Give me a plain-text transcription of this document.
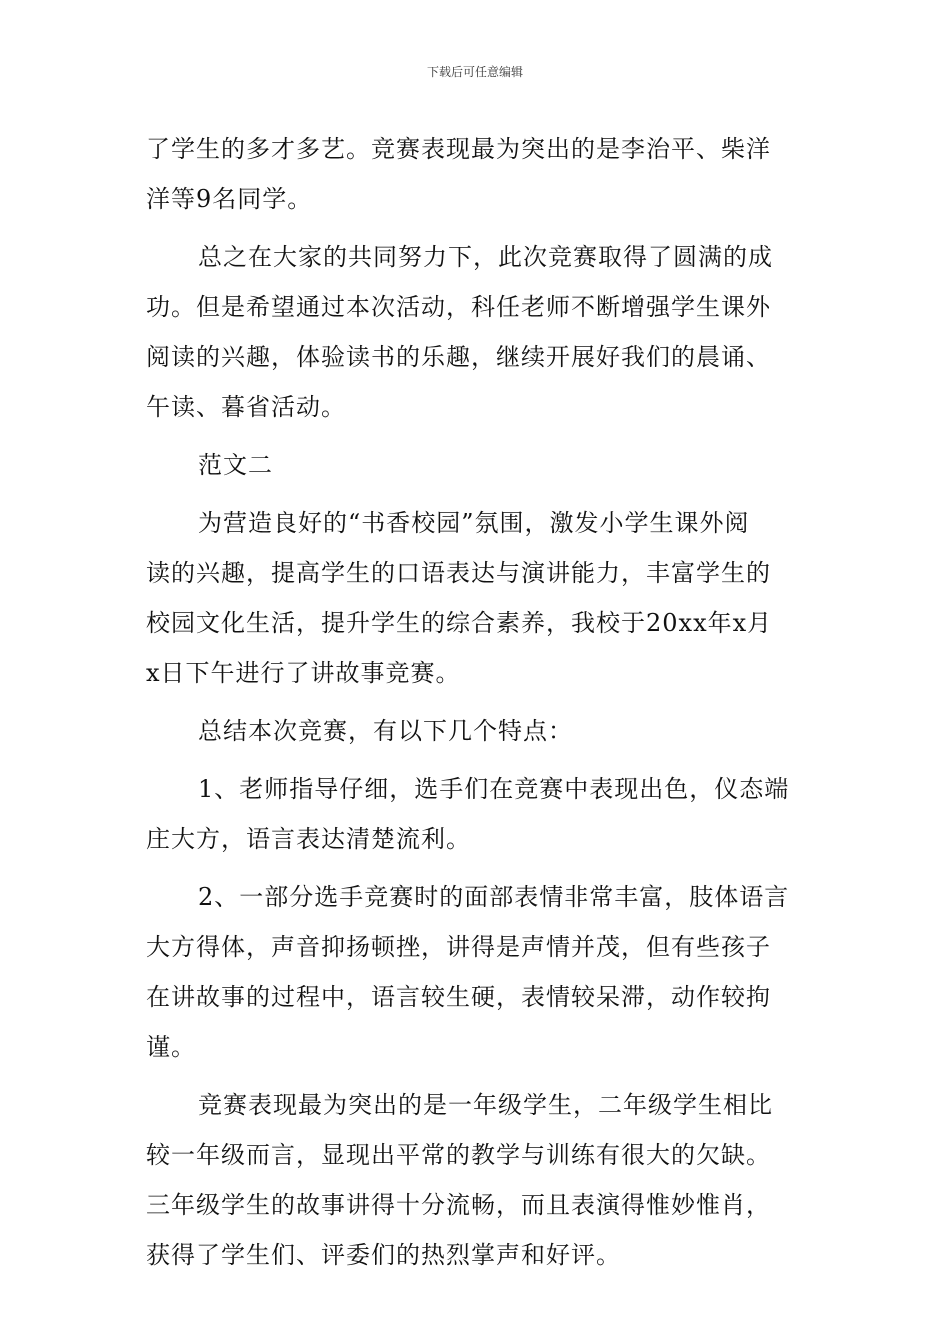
下载后可任意编辑

了学生的多才多艺。竞赛表现最为突出的是李治平、柴洋
洋等9名同学。

总之在大家的共同努力下，此次竞赛取得了圆满的成
功。但是希望通过本次活动，科任老师不断增强学生课外
阅读的兴趣，体验读书的乐趣，继续开展好我们的晨诵、
午读、暮省活动。

范文二

为营造良好的“书香校园”氛围，激发小学生课外阅
读的兴趣，提高学生的口语表达与演讲能力，丰富学生的
校园文化生活，提升学生的综合素养，我校于20xx年x月
x日下午进行了讲故事竞赛。

总结本次竞赛，有以下几个特点：

1、老师指导仔细，选手们在竞赛中表现出色，仪态端
庄大方，语言表达清楚流利。

2、一部分选手竞赛时的面部表情非常丰富，肢体语言
大方得体，声音抑扬顿挫，讲得是声情并茂，但有些孩子
在讲故事的过程中，语言较生硬，表情较呆滞，动作较拘
谨。

竞赛表现最为突出的是一年级学生，二年级学生相比
较一年级而言，显现出平常的教学与训练有很大的欠缺。
三年级学生的故事讲得十分流畅，而且表演得惟妙惟肖，
获得了学生们、评委们的热烈掌声和好评。
